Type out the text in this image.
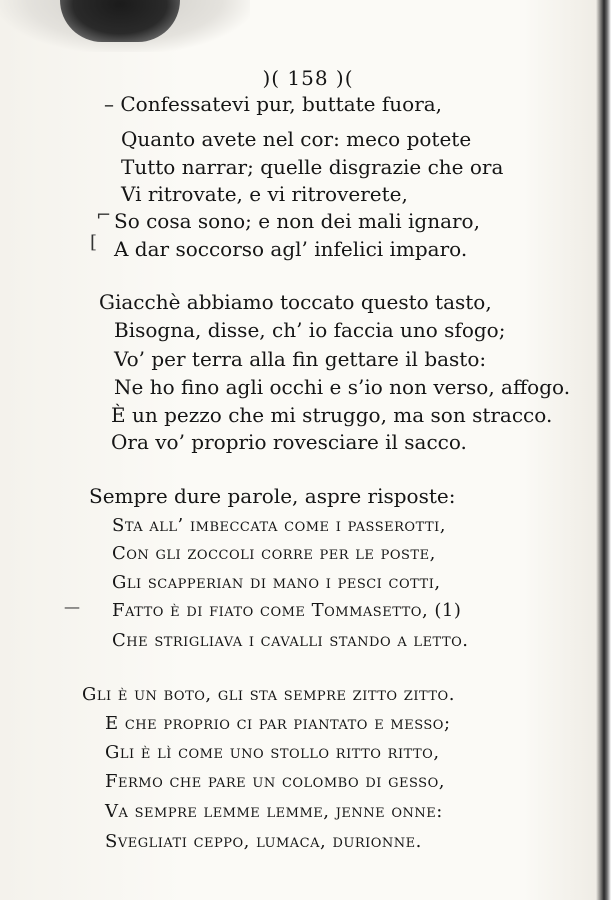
)( 158 )(
⌐
[
—
– Confessatevi pur, buttate fuora,
Quanto avete nel cor: meco potete
Tutto narrar; quelle disgrazie che ora
Vi ritrovate, e vi ritroverete,
So cosa sono; e non dei mali ignaro,
A dar soccorso agl’ infelici imparo.
Giacchè abbiamo toccato questo tasto,
Bisogna, disse, ch’ io faccia uno sfogo;
Vo’ per terra alla fin gettare il basto:
Ne ho fino agli occhi e s’io non verso, affogo.
È un pezzo che mi struggo, ma son stracco.
Ora vo’ proprio rovesciare il sacco.
Sempre dure parole, aspre risposte:
Sta all’ imbeccata come i passerotti,
Con gli zoccoli corre per le poste,
Gli scapperian di mano i pesci cotti,
Fatto è di fiato come Tommasetto, (1)
Che strigliava i cavalli stando a letto.
Gli è un boto, gli sta sempre zitto zitto.
E che proprio ci par piantato e messo;
Gli è lì come uno stollo ritto ritto,
Fermo che pare un colombo di gesso,
Va sempre lemme lemme, jenne onne:
Svegliati ceppo, lumaca, durionne.
